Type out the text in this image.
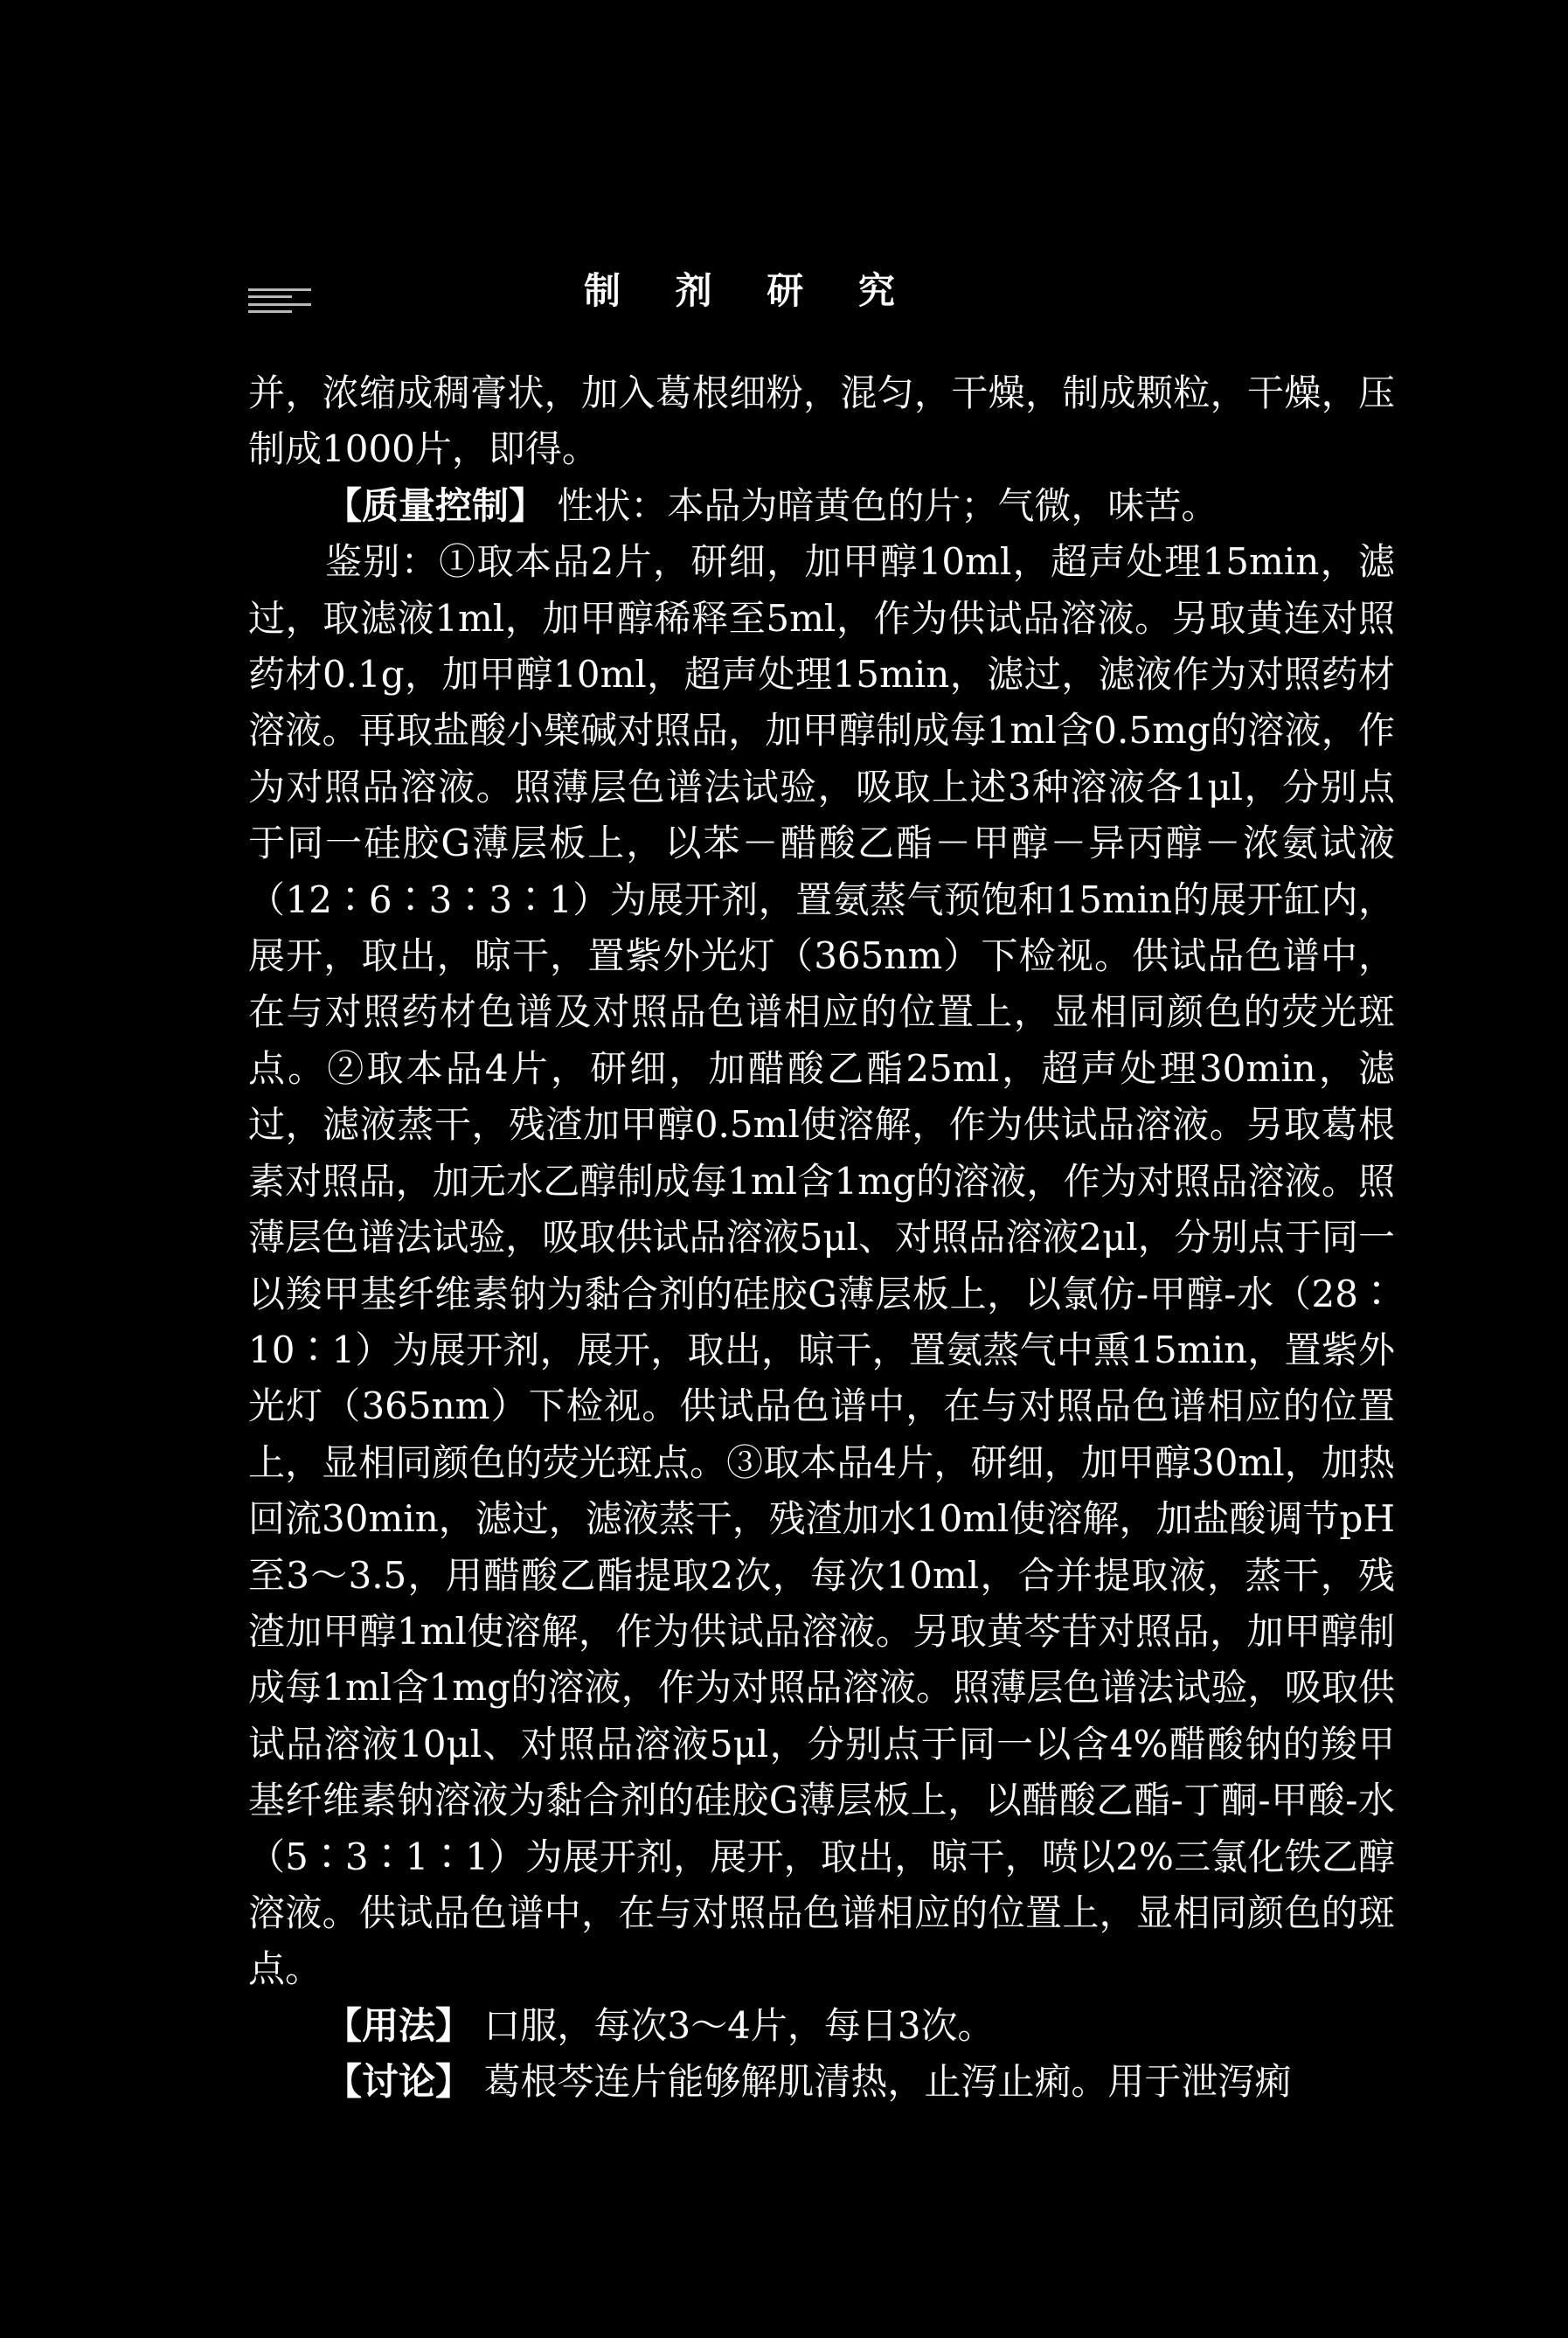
制 剂 研 究

并，浓缩成稠膏状，加入葛根细粉，混匀，干燥，制成颗粒，干燥，压制成1000片，即得。

【质量控制】 性状：本品为暗黄色的片；气微，味苦。

鉴别：①取本品2片，研细，加甲醇10ml，超声处理15min，滤过，取滤液1ml，加甲醇稀释至5ml，作为供试品溶液。另取黄连对照药材0.1g，加甲醇10ml，超声处理15min，滤过，滤液作为对照药材溶液。再取盐酸小檗碱对照品，加甲醇制成每1ml含0.5mg的溶液，作为对照品溶液。照薄层色谱法试验，吸取上述3种溶液各1μl，分别点于同一硅胶G薄层板上，以苯－醋酸乙酯－甲醇－异丙醇－浓氨试液（12∶6∶3∶3∶1）为展开剂，置氨蒸气预饱和15min的展开缸内，展开，取出，晾干，置紫外光灯（365nm）下检视。供试品色谱中，在与对照药材色谱及对照品色谱相应的位置上，显相同颜色的荧光斑点。②取本品4片，研细，加醋酸乙酯25ml，超声处理30min，滤过，滤液蒸干，残渣加甲醇0.5ml使溶解，作为供试品溶液。另取葛根素对照品，加无水乙醇制成每1ml含1mg的溶液，作为对照品溶液。照薄层色谱法试验，吸取供试品溶液5μl、对照品溶液2μl，分别点于同一以羧甲基纤维素钠为黏合剂的硅胶G薄层板上，以氯仿-甲醇-水（28∶10∶1）为展开剂，展开，取出，晾干，置氨蒸气中熏15min，置紫外光灯（365nm）下检视。供试品色谱中，在与对照品色谱相应的位置上，显相同颜色的荧光斑点。③取本品4片，研细，加甲醇30ml，加热回流30min，滤过，滤液蒸干，残渣加水10ml使溶解，加盐酸调节pH至3～3.5，用醋酸乙酯提取2次，每次10ml，合并提取液，蒸干，残渣加甲醇1ml使溶解，作为供试品溶液。另取黄芩苷对照品，加甲醇制成每1ml含1mg的溶液，作为对照品溶液。照薄层色谱法试验，吸取供试品溶液10μl、对照品溶液5μl，分别点于同一以含4%醋酸钠的羧甲基纤维素钠溶液为黏合剂的硅胶G薄层板上，以醋酸乙酯-丁酮-甲酸-水（5∶3∶1∶1）为展开剂，展开，取出，晾干，喷以2%三氯化铁乙醇溶液。供试品色谱中，在与对照品色谱相应的位置上，显相同颜色的斑点。

【用法】 口服，每次3～4片，每日3次。

【讨论】 葛根芩连片能够解肌清热，止泻止痢。用于泄泻痢
